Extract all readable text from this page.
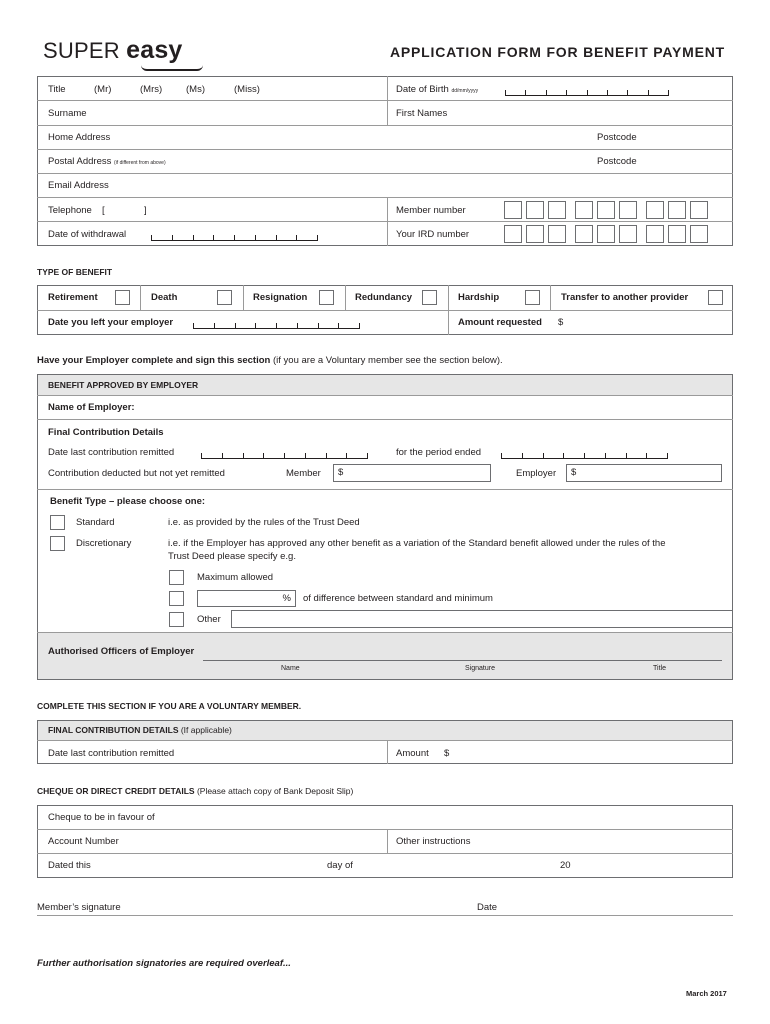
SUPER easy	APPLICATION FORM FOR BENEFIT PAYMENT
Title	(Mr)	(Mrs)	(Ms)	(Miss)	Date of Birth dd/mm/yyyy
Surname	First Names
Home Address	Postcode
Postal Address (if different from above)	Postcode
Email Address
Telephone [	]	Member number
Date of withdrawal	Your IRD number
TYPE OF BENEFIT
Retirement	Death	Resignation	Redundancy	Hardship	Transfer to another provider
Date you left your employer	Amount requested $
Have your Employer complete and sign this section (if you are a Voluntary member see the section below).
BENEFIT APPROVED BY EMPLOYER
Name of Employer:
Final Contribution Details
Date last contribution remitted	for the period ended
Contribution deducted but not yet remitted	Member	$	Employer	$
Benefit Type – please choose one:
Standard	i.e. as provided by the rules of the Trust Deed
Discretionary	i.e. if the Employer has approved any other benefit as a variation of the Standard benefit allowed under the rules of the
Trust Deed please specify e.g.
Maximum allowed
%	of difference between standard and minimum
Other
Authorised Officers of Employer
Name	Signature	Title
COMPLETE THIS SECTION IF YOU ARE A VOLUNTARY MEMBER.
FINAL CONTRIBUTION DETAILS (If applicable)
Date last contribution remitted	Amount $
CHEQUE OR DIRECT CREDIT DETAILS (Please attach copy of Bank Deposit Slip)
Cheque to be in favour of
Account Number	Other instructions
Dated this	day of	20
Member’s signature	Date
Further authorisation signatories are required overleaf...
March 2017
